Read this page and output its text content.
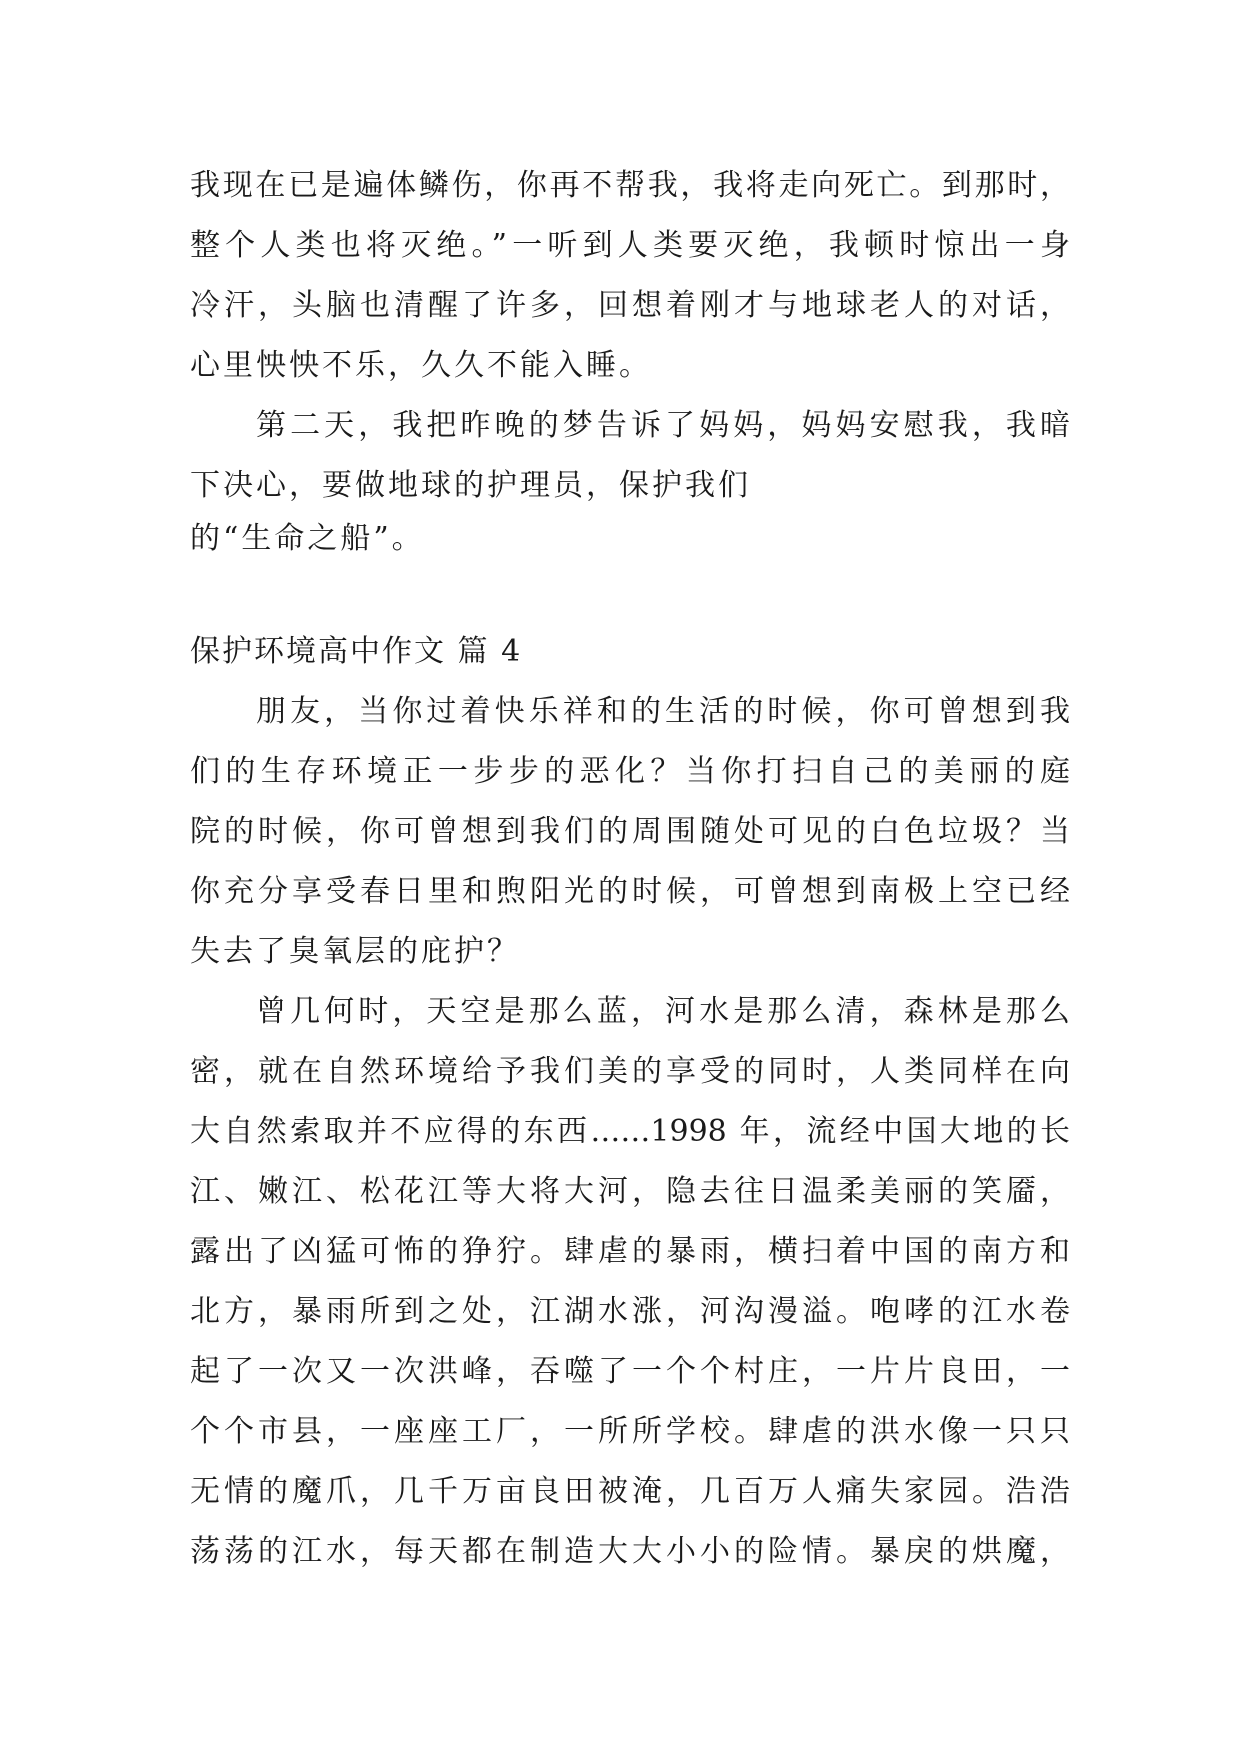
我现在已是遍体鳞伤，你再不帮我，我将走向死亡。到那时，
整个人类也将灭绝。”一听到人类要灭绝，我顿时惊出一身
冷汗，头脑也清醒了许多，回想着刚才与地球老人的对话，
心里怏怏不乐，久久不能入睡。
第二天，我把昨晚的梦告诉了妈妈，妈妈安慰我，我暗
下决心，要做地球的护理员，保护我们
的“生命之船”。
保护环境高中作文 篇 4
朋友，当你过着快乐祥和的生活的时候，你可曾想到我
们的生存环境正一步步的恶化？当你打扫自己的美丽的庭
院的时候，你可曾想到我们的周围随处可见的白色垃圾？当
你充分享受春日里和煦阳光的时候，可曾想到南极上空已经
失去了臭氧层的庇护？
曾几何时，天空是那么蓝，河水是那么清，森林是那么
密，就在自然环境给予我们美的享受的同时，人类同样在向
大自然索取并不应得的东西……1998 年，流经中国大地的长
江、嫩江、松花江等大将大河，隐去往日温柔美丽的笑靥，
露出了凶猛可怖的狰狞。肆虐的暴雨，横扫着中国的南方和
北方，暴雨所到之处，江湖水涨，河沟漫溢。咆哮的江水卷
起了一次又一次洪峰，吞噬了一个个村庄，一片片良田，一
个个市县，一座座工厂，一所所学校。肆虐的洪水像一只只
无情的魔爪，几千万亩良田被淹，几百万人痛失家园。浩浩
荡荡的江水，每天都在制造大大小小的险情。暴戾的烘魔，
